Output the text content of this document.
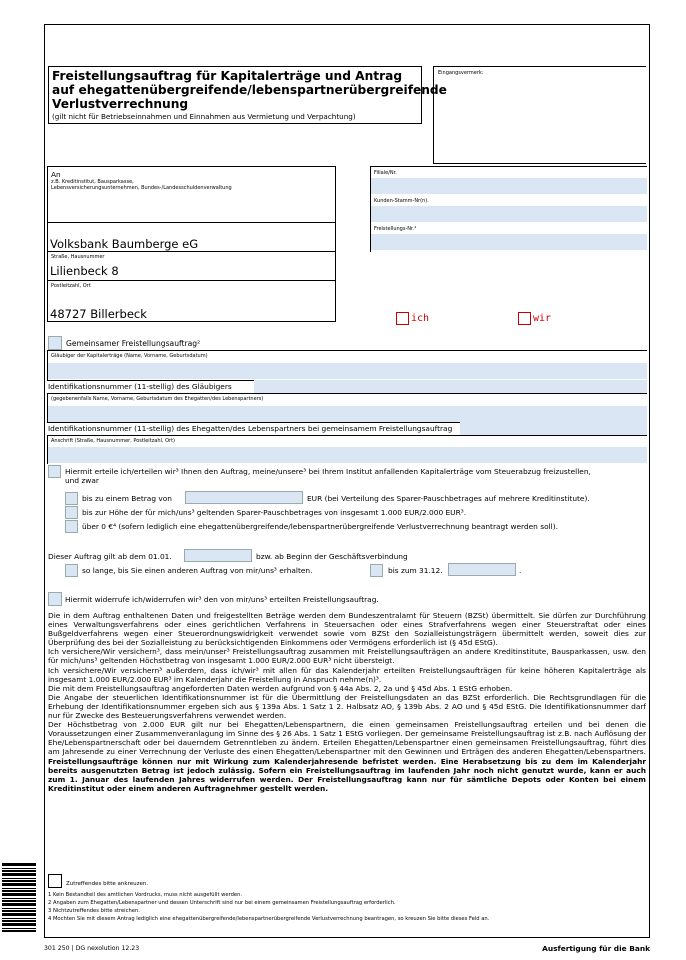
Freistellungsauftrag für Kapitalerträge und Antrag
auf ehegattenübergreifende/lebenspartnerübergreifende
Verlustverrechnung
(gilt nicht für Betriebseinnahmen und Einnahmen aus Vermietung und Verpachtung)
Eingangsvermerk:
An
z.B. Kreditinstitut, Bausparkasse,
Lebensversicherungsunternehmen, Bundes-/Landesschuldenverwaltung
Volksbank Baumberge eG
Straße, Hausnummer
Lilienbeck 8
Postleitzahl, Ort
48727 Billerbeck
Filiale/Nr.
Kunden-Stamm-Nr(n).
Freistellungs-Nr.⁴
ich	wir
Gemeinsamer Freistellungsauftrag²
Gläubiger der Kapitalerträge (Name, Vorname, Geburtsdatum)
Identifikationsnummer (11-stellig) des Gläubigers
(gegebenenfalls Name, Vorname, Geburtsdatum des Ehegatten/des Lebenspartners)
Identifikationsnummer (11-stellig) des Ehegatten/des Lebenspartners bei gemeinsamem Freistellungsauftrag
Anschrift (Straße, Hausnummer, Postleitzahl, Ort)
Hiermit erteile ich/erteilen wir³ Ihnen den Auftrag, meine/unsere³ bei Ihrem Institut anfallenden Kapitalerträge vom Steuerabzug freizustellen,
und zwar
bis zu einem Betrag von	EUR (bei Verteilung des Sparer-Pauschbetrages auf mehrere Kreditinstitute).
bis zur Höhe der für mich/uns³ geltenden Sparer-Pauschbetrages von insgesamt 1.000 EUR/2.000 EUR³.
über 0 €⁴ (sofern lediglich eine ehegattenübergreifende/lebenspartnerübergreifende Verlustverrechnung beantragt werden soll).
Dieser Auftrag gilt ab dem 01.01.	bzw. ab Beginn der Geschäftsverbindung
so lange, bis Sie einen anderen Auftrag von mir/uns³ erhalten.	bis zum 31.12.	.
Hiermit widerrufe ich/widerrufen wir³ den von mir/uns³ erteilten Freistellungsauftrag.

Die in dem Auftrag enthaltenen Daten und freigestellten Beträge werden dem Bundeszentralamt für Steuern (BZSt) übermittelt. Sie dürfen zur Durchführung eines Verwaltungsverfahrens oder eines gerichtlichen Verfahrens in Steuersachen oder eines Strafverfahrens wegen einer Steuerstraftat oder eines Bußgeldverfahrens wegen einer Steuerordnungswidrigkeit verwendet sowie vom BZSt den Sozialleistungsträgern übermittelt werden, soweit dies zur Überprüfung des bei der Sozialleistung zu berücksichtigenden Einkommens oder Vermögens erforderlich ist (§ 45d EStG).

Ich versichere/Wir versichern³, dass mein/unser³ Freistellungsauftrag zusammen mit Freistellungsaufträgen an andere Kreditinstitute, Bausparkassen, usw. den für mich/uns³ geltenden Höchstbetrag von insgesamt 1.000 EUR/2.000 EUR³ nicht übersteigt.

Ich versichere/Wir versichern³ außerdem, dass ich/wir³ mit allen für das Kalenderjahr erteilten Freistellungsaufträgen für keine höheren Kapitalerträge als insgesamt 1.000 EUR/2.000 EUR³ im Kalenderjahr die Freistellung in Anspruch nehme(n)³.

Die mit dem Freistellungsauftrag angeforderten Daten werden aufgrund von § 44a Abs. 2, 2a und § 45d Abs. 1 EStG erhoben.

Die Angabe der steuerlichen Identifikationsnummer ist für die Übermittlung der Freistellungsdaten an das BZSt erforderlich. Die Rechtsgrundlagen für die Erhebung der Identifikationsnummer ergeben sich aus § 139a Abs. 1 Satz 1 2. Halbsatz AO, § 139b Abs. 2 AO und § 45d EStG. Die Identifikationsnummer darf nur für Zwecke des Besteuerungsverfahrens verwendet werden.

Der Höchstbetrag von 2.000 EUR gilt nur bei Ehegatten/Lebenspartnern, die einen gemeinsamen Freistellungsauftrag erteilen und bei denen die Voraussetzungen einer Zusammenveranlagung im Sinne des § 26 Abs. 1 Satz 1 EStG vorliegen. Der gemeinsame Freistellungsauftrag ist z.B. nach Auflösung der Ehe/Lebenspartnerschaft oder bei dauerndem Getrenntleben zu ändern. Erteilen Ehegatten/Lebenspartner einen gemeinsamen Freistellungsauftrag, führt dies am Jahresende zu einer Verrechnung der Verluste des einen Ehegatten/Lebenspartner mit den Gewinnen und Erträgen des anderen Ehegatten/Lebenspartners. Freistellungsaufträge können nur mit Wirkung zum Kalenderjahresende befristet werden. Eine Herabsetzung bis zu dem im Kalenderjahr bereits ausgenutzten Betrag ist jedoch zulässig. Sofern ein Freistellungsauftrag im laufenden Jahr noch nicht genutzt wurde, kann er auch zum 1. Januar des laufenden Jahres widerrufen werden. Der Freistellungsauftrag kann nur für sämtliche Depots oder Konten bei einem Kreditinstitut oder einem anderen Auftragnehmer gestellt werden.

Zutreffendes bitte ankreuzen.
1 Kein Bestandteil des amtlichen Vordrucks, muss nicht ausgefüllt werden.
2 Angaben zum Ehegatten/Lebenspartner und dessen Unterschrift sind nur bei einem gemeinsamen Freistellungsauftrag erforderlich.
3 Nichtzutreffendes bitte streichen.
4 Mochten Sie mit diesem Antrag lediglich eine ehegattenübergreifende/lebenspartnerübergreifende Verlustverrechnung beantragen, so kreuzen Sie bitte dieses Feld an.
301 250 | DG nexolution 12.23	Ausfertigung für die Bank
